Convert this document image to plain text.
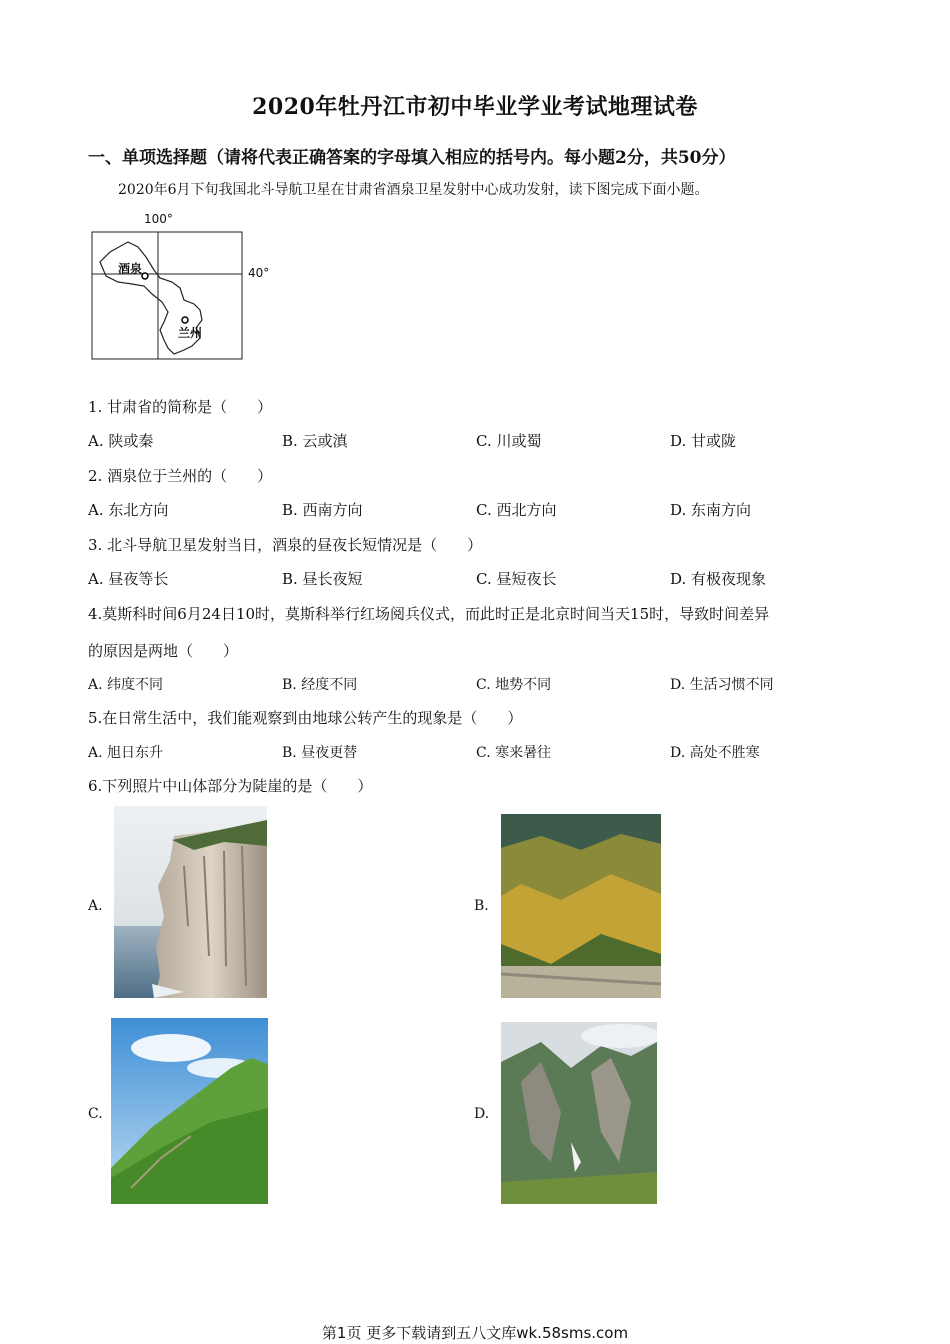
2020年牡丹江市初中毕业学业考试地理试卷
一、单项选择题（请将代表正确答案的字母填入相应的括号内。每小题2分，共50分）
2020年6月下旬我国北斗导航卫星在甘肃省酒泉卫星发射中心成功发射，读下图完成下面小题。
100°
40°
酒泉
兰州
1. 甘肃省的简称是（　　）
A. 陕或秦	B. 云或滇	C. 川或蜀	D. 甘或陇
2. 酒泉位于兰州的（　　）
A. 东北方向	B. 西南方向	C. 西北方向	D. 东南方向
3. 北斗导航卫星发射当日，酒泉的昼夜长短情况是（　　）
A. 昼夜等长	B. 昼长夜短	C. 昼短夜长	D. 有极夜现象
4.莫斯科时间6月24日10时，莫斯科举行红场阅兵仪式，而此时正是北京时间当天15时，导致时间差异
的原因是两地（　　）
A. 纬度不同	B. 经度不同	C. 地势不同	D. 生活习惯不同
5.在日常生活中，我们能观察到由地球公转产生的现象是（　　）
A. 旭日东升	B. 昼夜更替	C. 寒来暑往	D. 高处不胜寒
6.下列照片中山体部分为陡崖的是（　　）
A.	B.
C.	D.
第1页 更多下载请到五八文库wk.58sms.com
